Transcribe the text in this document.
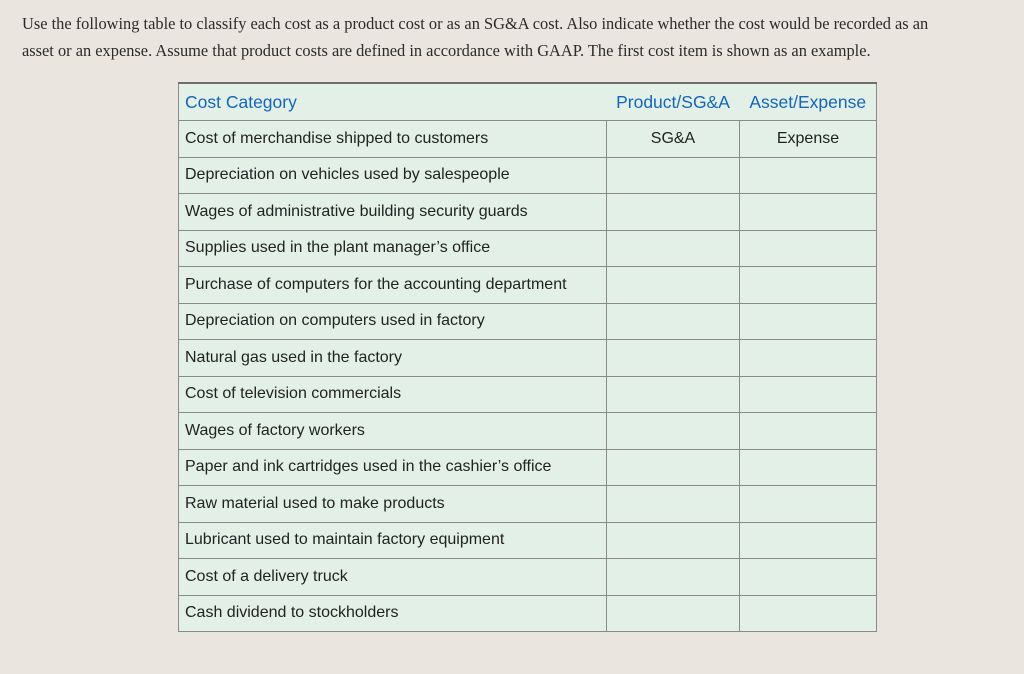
Use the following table to classify each cost as a product cost or as an SG&A cost. Also indicate whether the cost would be recorded as an
asset or an expense. Assume that product costs are defined in accordance with GAAP. The first cost item is shown as an example.

Cost Category	Product/SG&A	Asset/Expense
Cost of merchandise shipped to customers	SG&A	Expense
Depreciation on vehicles used by salespeople		
Wages of administrative building security guards		
Supplies used in the plant manager’s office		
Purchase of computers for the accounting department		
Depreciation on computers used in factory		
Natural gas used in the factory		
Cost of television commercials		
Wages of factory workers		
Paper and ink cartridges used in the cashier’s office		
Raw material used to make products		
Lubricant used to maintain factory equipment		
Cost of a delivery truck		
Cash dividend to stockholders		
